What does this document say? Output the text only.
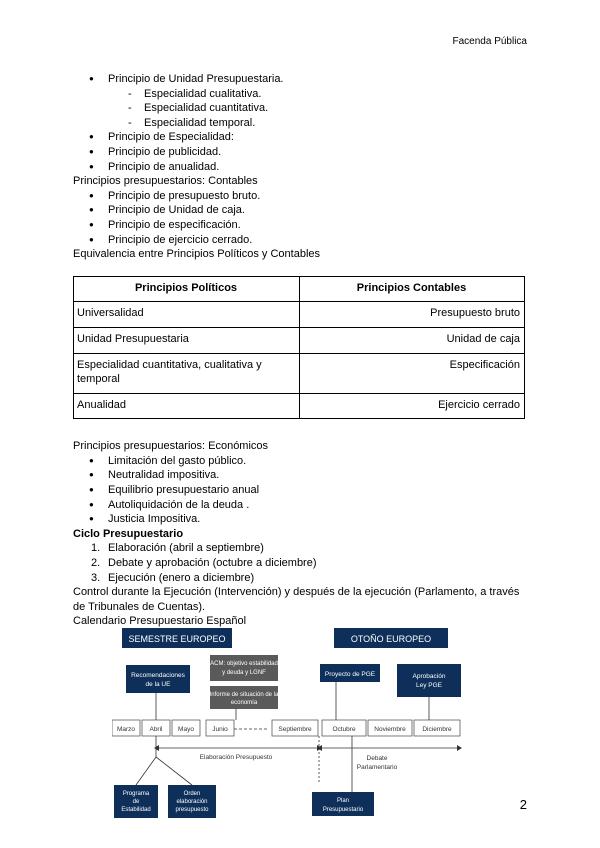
Facenda Pública
● Principio de Unidad Presupuestaria.
- Especialidad cualitativa.
- Especialidad cuantitativa.
- Especialidad temporal.
● Principio de Especialidad:
● Principio de publicidad.
● Principio de anualidad.
Principios presupuestarios: Contables
● Principio de presupuesto bruto.
● Principio de Unidad de caja.
● Principio de especificación.
● Principio de ejercicio cerrado.
Equivalencia entre Principios Políticos y Contables
Principios Políticos	Principios Contables
Universalidad	Presupuesto bruto
Unidad Presupuestaria	Unidad de caja
Especialidad cuantitativa, cualitativa y temporal	Especificación
Anualidad	Ejercicio cerrado
Principios presupuestarios: Económicos
● Limitación del gasto público.
● Neutralidad impositiva.
● Equilibrio presupuestario anual
● Autoliquidación de la deuda .
● Justicia Impositiva.
Ciclo Presupuestario
1. Elaboración (abril a septiembre)
2. Debate y aprobación (octubre a diciembre)
3. Ejecución (enero a diciembre)
Control durante la Ejecución (Intervención) y después de la ejecución (Parlamento, a través de Tribunales de Cuentas).
Calendario Presupuestario Español
SEMESTRE EUROPEO	OTOÑO EUROPEO
Recomendaciones
de la UE
ACM: objetivo estabilidad
y deuda y LGNF
Informe de situación de la
economía
Proyecto de PGE	Aprobación
Ley PGE
Marzo Abril Mayo	Junio	Septiembre	Octubre	Noviembre	Diciembre
Elaboración Presupuesto	Debate
Parlamentario
Programa
de
Estabilidad
Orden
elaboración
presupuesto
Plan
Presupuestario	2
